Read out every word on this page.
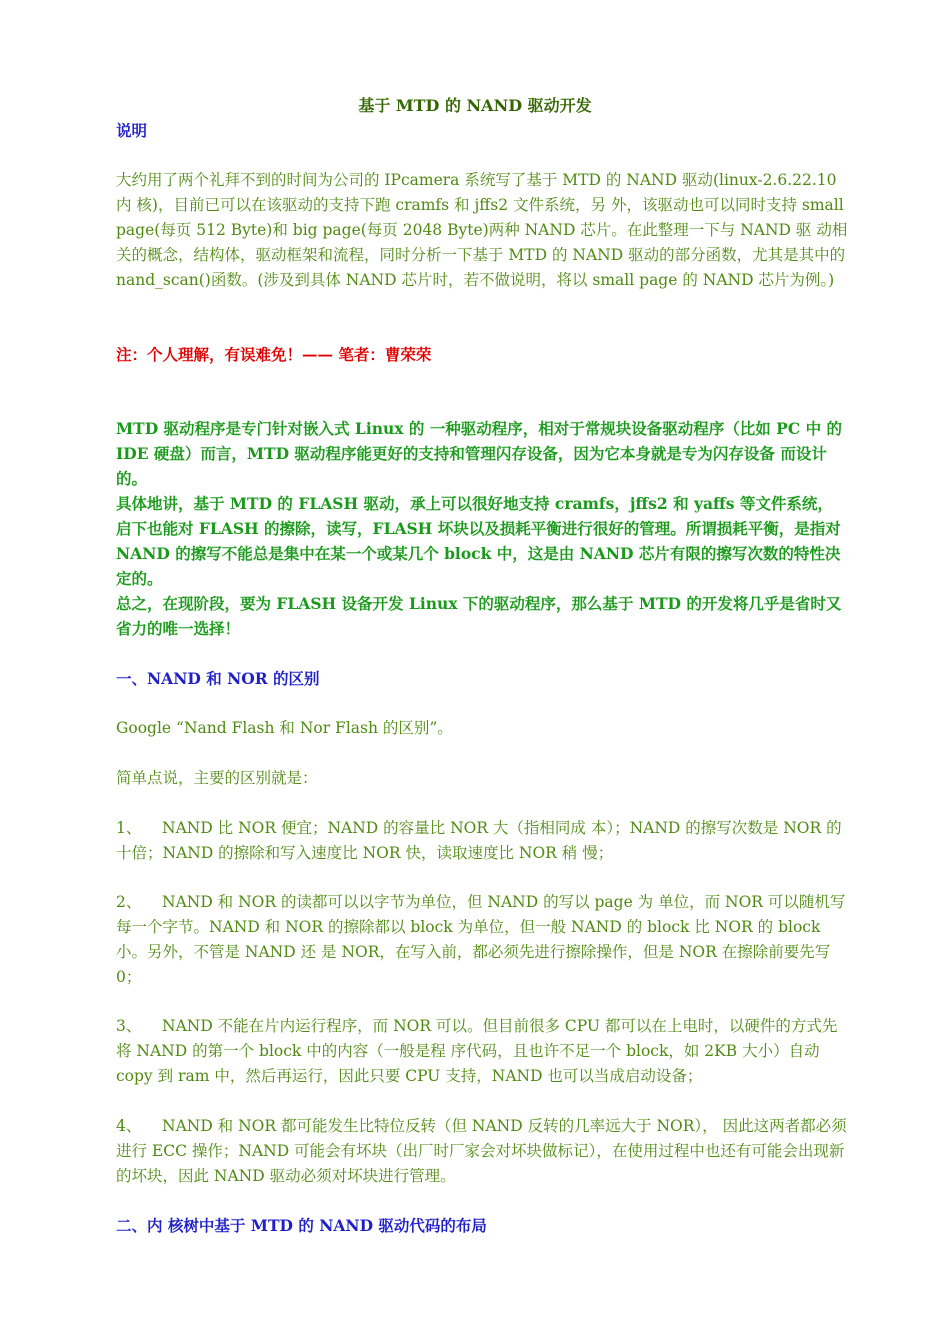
基于 MTD 的 NAND 驱动开发

说明

大约用了两个礼拜不到的时间为公司的 IPcamera 系统写了基于 MTD 的 NAND 驱动(linux-2.6.22.10 内 核)，目前已可以在该驱动的支持下跑 cramfs 和 jffs2 文件系统，另 外，该驱动也可以同时支持 small page(每页 512 Byte)和 big page(每页 2048 Byte)两种 NAND 芯片。在此整理一下与 NAND 驱 动相关的概念，结构体，驱动框架和流程，同时分析一下基于 MTD 的 NAND 驱动的部分函数，尤其是其中的 nand_scan()函数。(涉及到具体 NAND 芯片时，若不做说明，将以 small page 的 NAND 芯片为例。)

注：个人理解，有误难免！—— 笔者：曹荣荣

MTD 驱动程序是专门针对嵌入式 Linux 的 一种驱动程序，相对于常规块设备驱动程序（比如 PC 中 的 IDE 硬盘）而言，MTD 驱动程序能更好的支持和管理闪存设备，因为它本身就是专为闪存设备 而设计的。

具体地讲，基于 MTD 的 FLASH 驱动，承上可以很好地支持 cramfs，jffs2 和 yaffs 等文件系统，启下也能对 FLASH 的擦除，读写，FLASH 坏块以及损耗平衡进行很好的管理。所谓损耗平衡，是指对 NAND 的擦写不能总是集中在某一个或某几个 block 中，这是由 NAND 芯片有限的擦写次数的特性决定的。

总之，在现阶段，要为 FLASH 设备开发 Linux 下的驱动程序，那么基于 MTD 的开发将几乎是省时又省力的唯一选择！

一、NAND 和 NOR 的区别

Google “Nand Flash 和 Nor Flash 的区别”。

简单点说，主要的区别就是：

1、 NAND 比 NOR 便宜；NAND 的容量比 NOR 大（指相同成 本）；NAND 的擦写次数是 NOR 的十倍；NAND 的擦除和写入速度比 NOR 快，读取速度比 NOR 稍 慢；

2、 NAND 和 NOR 的读都可以以字节为单位，但 NAND 的写以 page 为 单位，而 NOR 可以随机写每一个字节。NAND 和 NOR 的擦除都以 block 为单位，但一般 NAND 的 block 比 NOR 的 block 小。另外，不管是 NAND 还 是 NOR，在写入前，都必须先进行擦除操作，但是 NOR 在擦除前要先写 0；

3、 NAND 不能在片内运行程序，而 NOR 可以。但目前很多 CPU 都可以在上电时，以硬件的方式先将 NAND 的第一个 block 中的内容（一般是程 序代码，且也许不足一个 block，如 2KB 大小）自动 copy 到 ram 中，然后再运行，因此只要 CPU 支持，NAND 也可以当成启动设备；

4、 NAND 和 NOR 都可能发生比特位反转（但 NAND 反转的几率远大于 NOR）， 因此这两者都必须进行 ECC 操作；NAND 可能会有坏块（出厂时厂家会对坏块做标记），在使用过程中也还有可能会出现新的坏块，因此 NAND 驱动必须对坏块进行管理。

二、内 核树中基于 MTD 的 NAND 驱动代码的布局
